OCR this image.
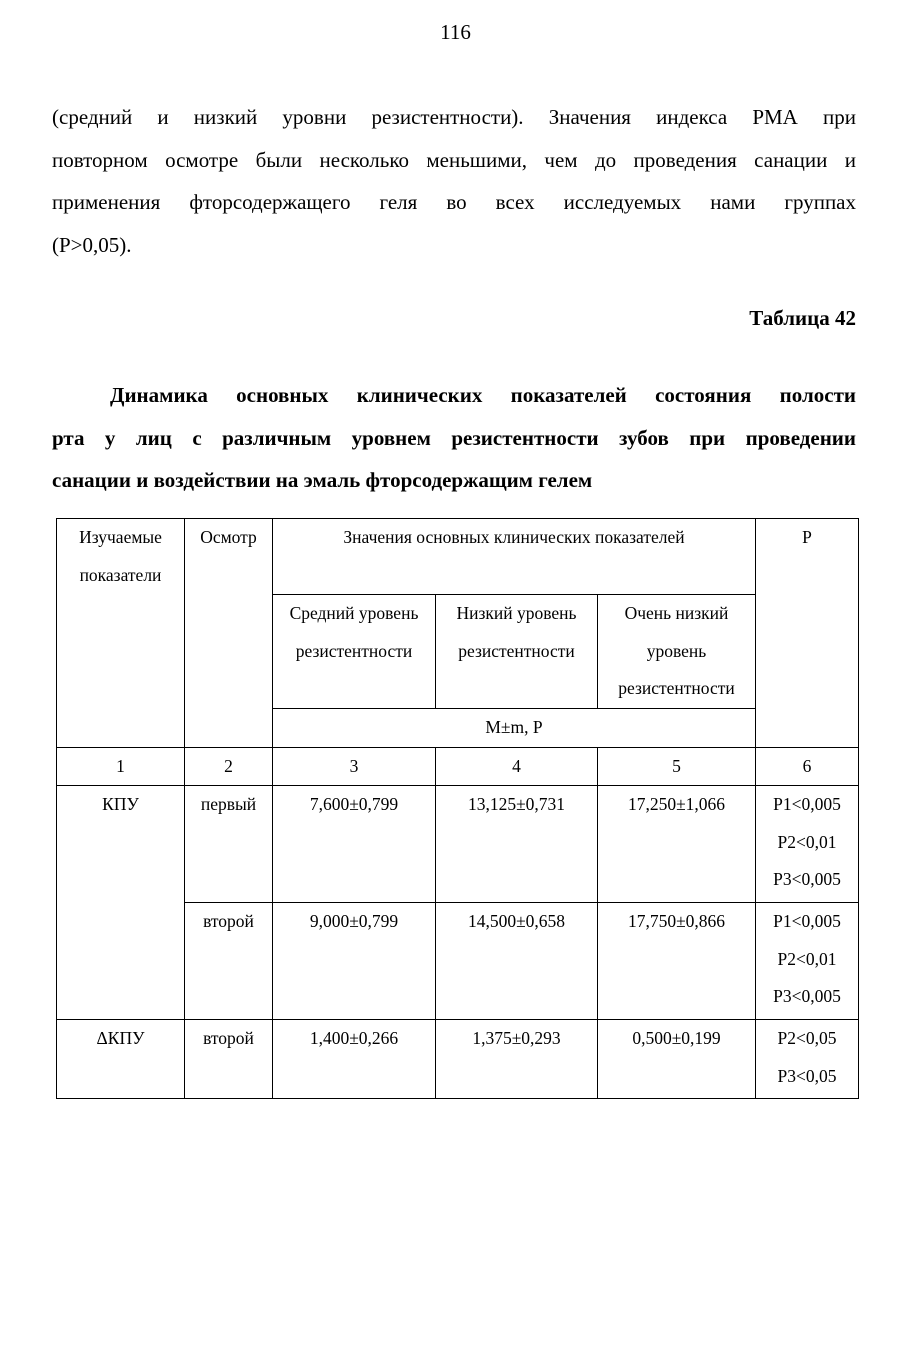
116

(средний и низкий уровни резистентности). Значения индекса РМА при
повторном осмотре были несколько меньшими, чем до проведения санации и
применения фторсодержащего геля во всех исследуемых нами группах
(Р>0,05).

Таблица 42

Динамика основных клинических показателей состояния полости
рта у лиц с различным уровнем резистентности зубов при проведении
санации и воздействии на эмаль фторсодержащим гелем

Изучаемые показатели	Осмотр	Значения основных клинических показателей			Р
		Средний уровень резистентности	Низкий уровень резистентности	Очень низкий уровень резистентности	

		М±m, Р			
1	2	3	4	5	6
КПУ	первый	7,600±0,799	13,125±0,731	17,250±1,066	Р1<0,005
Р2<0,01
Р3<0,005

	второй	9,000±0,799	14,500±0,658	17,750±0,866	Р1<0,005
Р2<0,01
Р3<0,005

ΔКПУ	второй	1,400±0,266	1,375±0,293	0,500±0,199	Р2<0,05
Р3<0,05
